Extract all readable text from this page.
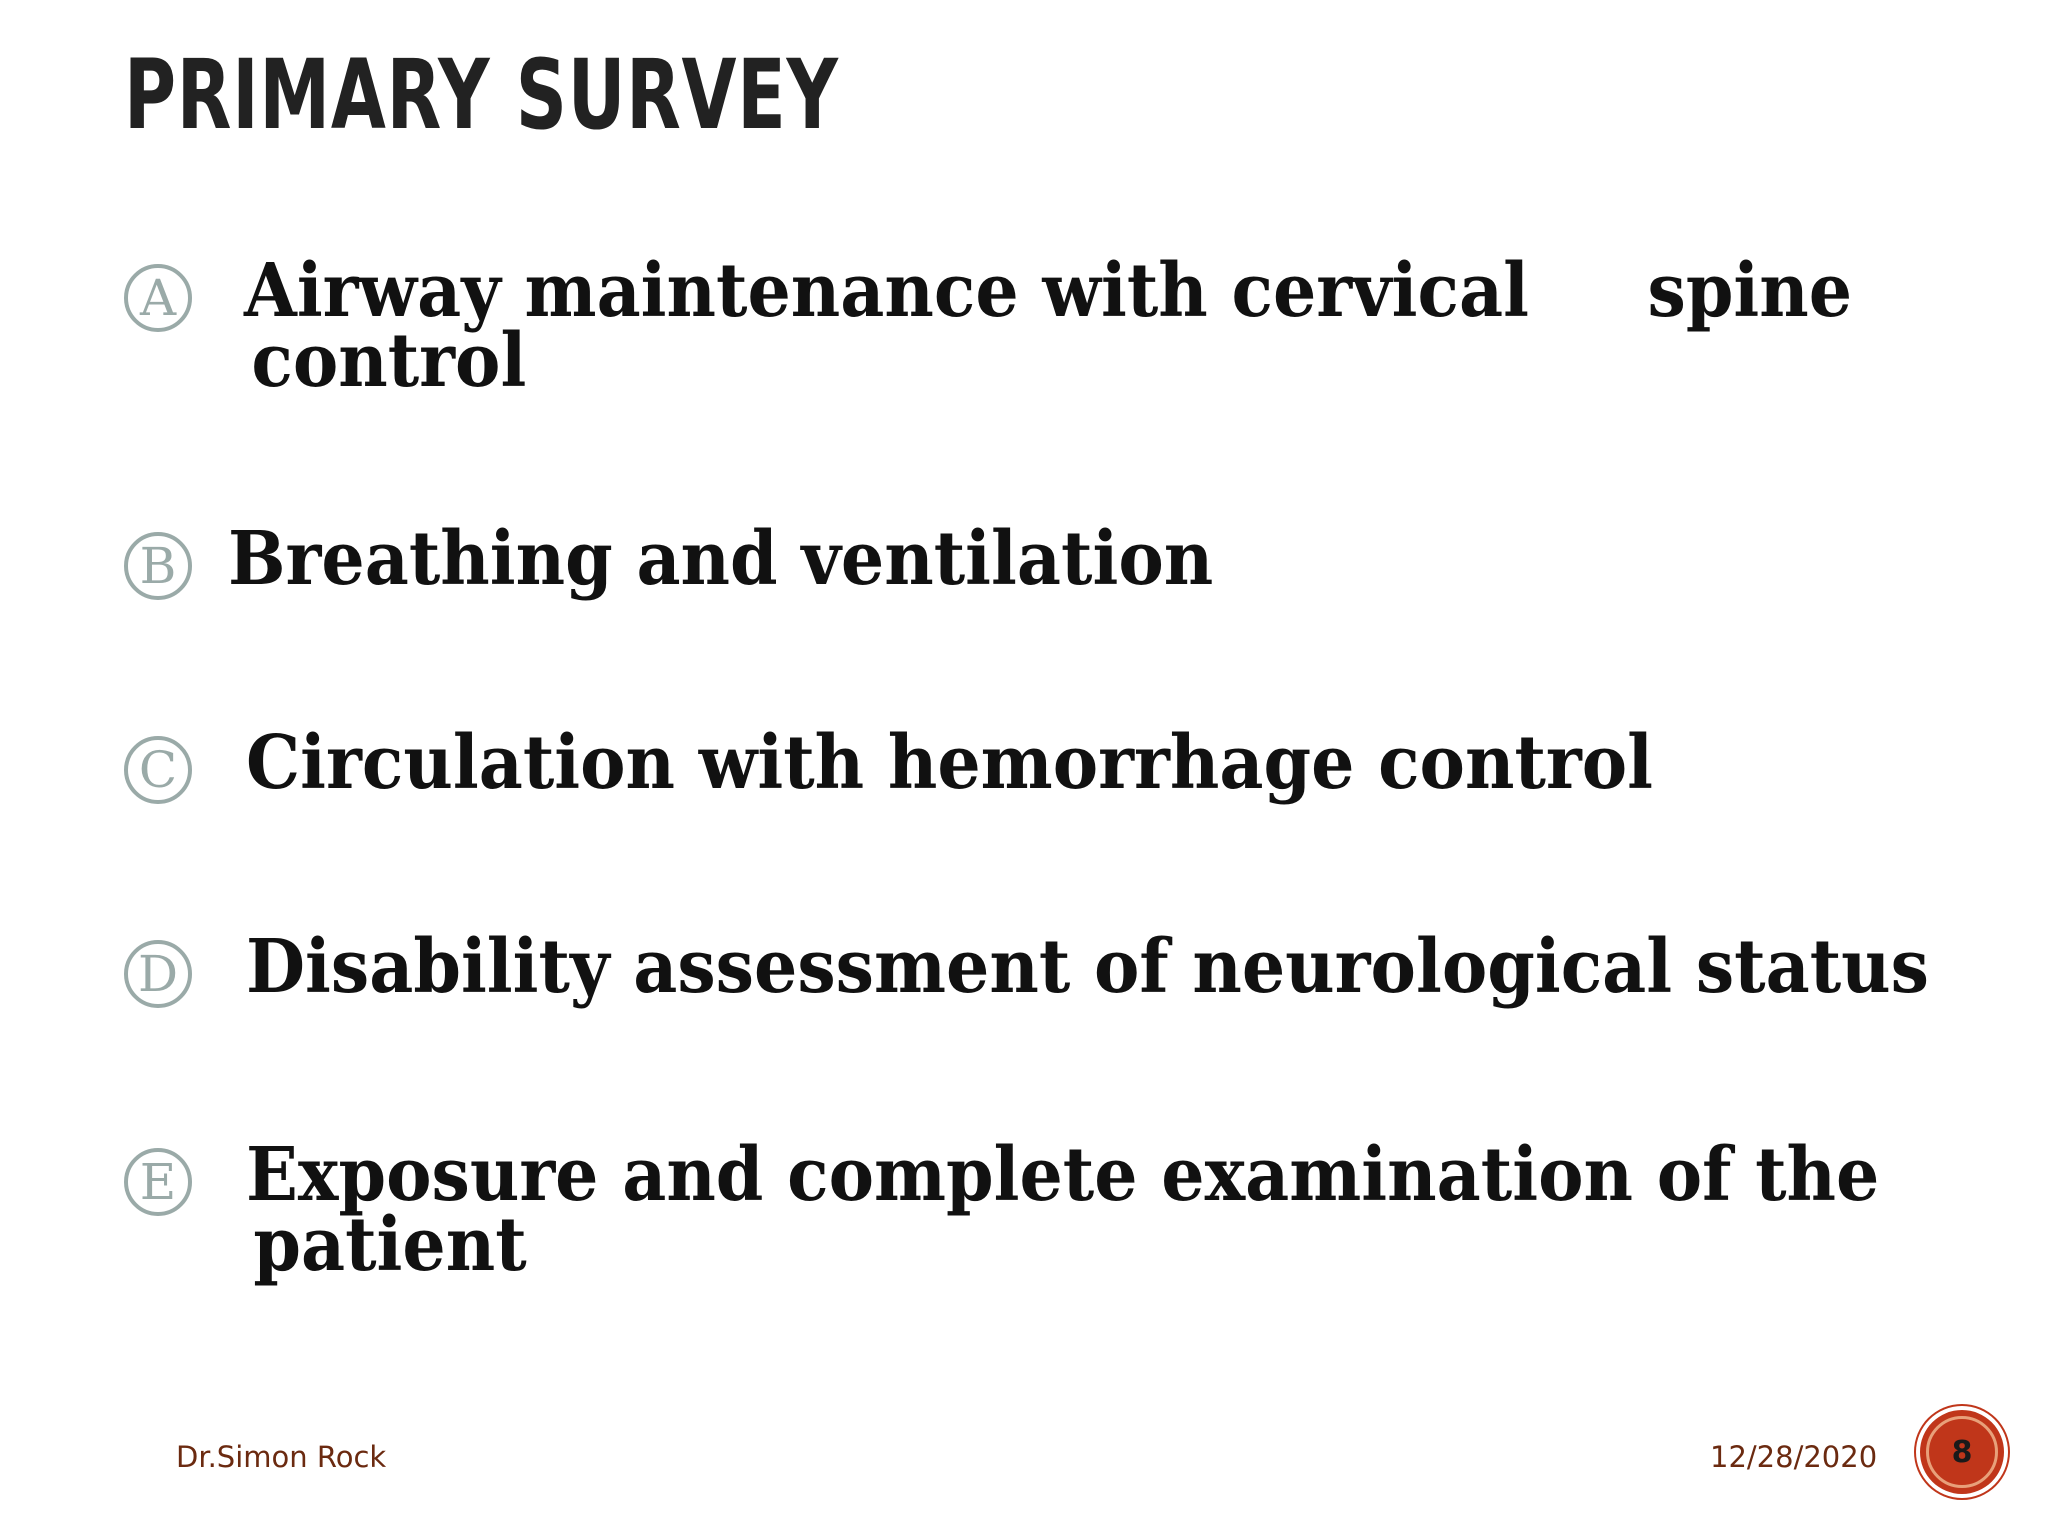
PRIMARY SURVEY
A Airway maintenance with cervical     spine
control
B Breathing and ventilation
C Circulation with hemorrhage control
D Disability assessment of neurological status
E Exposure and complete examination of the
patient
Dr.Simon Rock	12/28/2020	8
